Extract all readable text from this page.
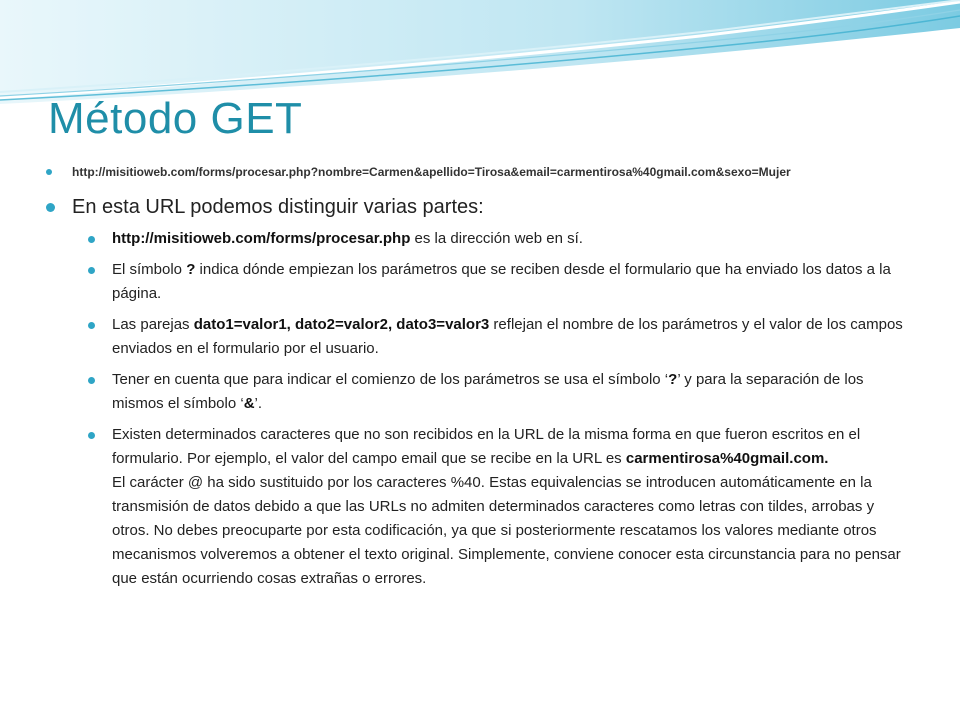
Método GET
http://misitioweb.com/forms/procesar.php?nombre=Carmen&apellido=Tirosa&email=carmentirosa%40gmail.com&sexo=Mujer
En esta URL podemos distinguir varias partes:
http://misitioweb.com/forms/procesar.php es la dirección web en sí.
El símbolo ? indica dónde empiezan los parámetros que se reciben desde el formulario que ha enviado los datos a la página.
Las parejas dato1=valor1, dato2=valor2, dato3=valor3 reflejan el nombre de los parámetros y el valor de los campos enviados en el formulario por el usuario.
Tener en cuenta que para indicar el comienzo de los parámetros se usa el símbolo ‘?’ y para la separación de los mismos el símbolo ‘&’.
Existen determinados caracteres que no son recibidos en la URL de la misma forma en que fueron escritos en el formulario. Por ejemplo, el valor del campo email que se recibe en la URL es carmentirosa%40gmail.com.
El carácter @ ha sido sustituido por los caracteres %40. Estas equivalencias se introducen automáticamente en la transmisión de datos debido a que las URLs no admiten determinados caracteres como letras con tildes, arrobas y otros. No debes preocuparte por esta codificación, ya que si posteriormente rescatamos los valores mediante otros mecanismos volveremos a obtener el texto original. Simplemente, conviene conocer esta circunstancia para no pensar que están ocurriendo cosas extrañas o errores.
